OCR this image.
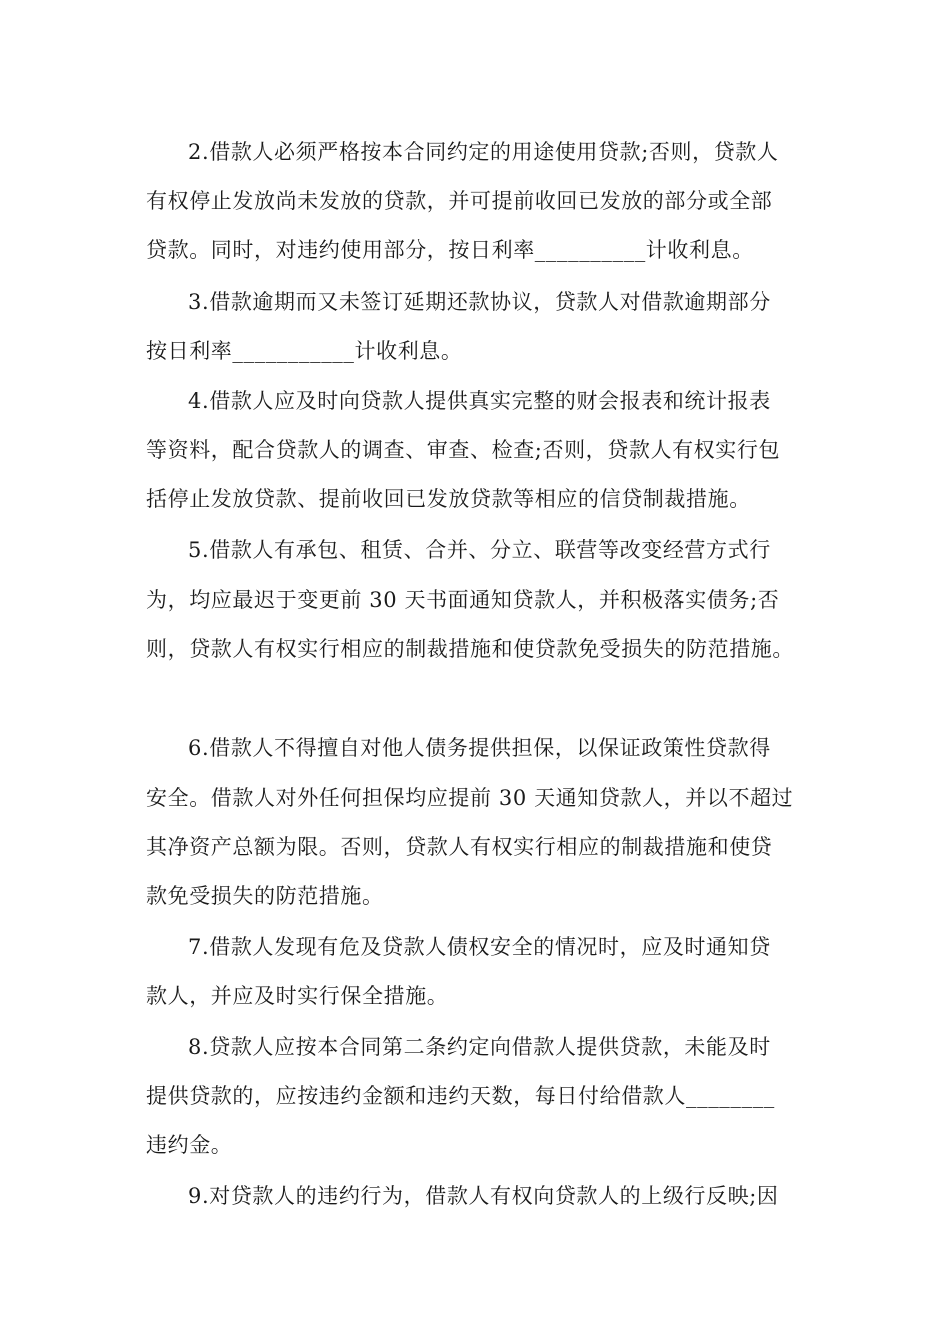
2.借款人必须严格按本合同约定的用途使用贷款;否则，贷款人
有权停止发放尚未发放的贷款，并可提前收回已发放的部分或全部
贷款。同时，对违约使用部分，按日利率__________计收利息。
3.借款逾期而又未签订延期还款协议，贷款人对借款逾期部分
按日利率___________计收利息。
4.借款人应及时向贷款人提供真实完整的财会报表和统计报表
等资料，配合贷款人的调查、审查、检查;否则，贷款人有权实行包
括停止发放贷款、提前收回已发放贷款等相应的信贷制裁措施。
5.借款人有承包、租赁、合并、分立、联营等改变经营方式行
为，均应最迟于变更前 30 天书面通知贷款人，并积极落实债务;否
则，贷款人有权实行相应的制裁措施和使贷款免受损失的防范措施。
6.借款人不得擅自对他人债务提供担保，以保证政策性贷款得
安全。借款人对外任何担保均应提前 30 天通知贷款人，并以不超过
其净资产总额为限。否则，贷款人有权实行相应的制裁措施和使贷
款免受损失的防范措施。
7.借款人发现有危及贷款人债权安全的情况时，应及时通知贷
款人，并应及时实行保全措施。
8.贷款人应按本合同第二条约定向借款人提供贷款，未能及时
提供贷款的，应按违约金额和违约天数，每日付给借款人________
违约金。
9.对贷款人的违约行为，借款人有权向贷款人的上级行反映;因
